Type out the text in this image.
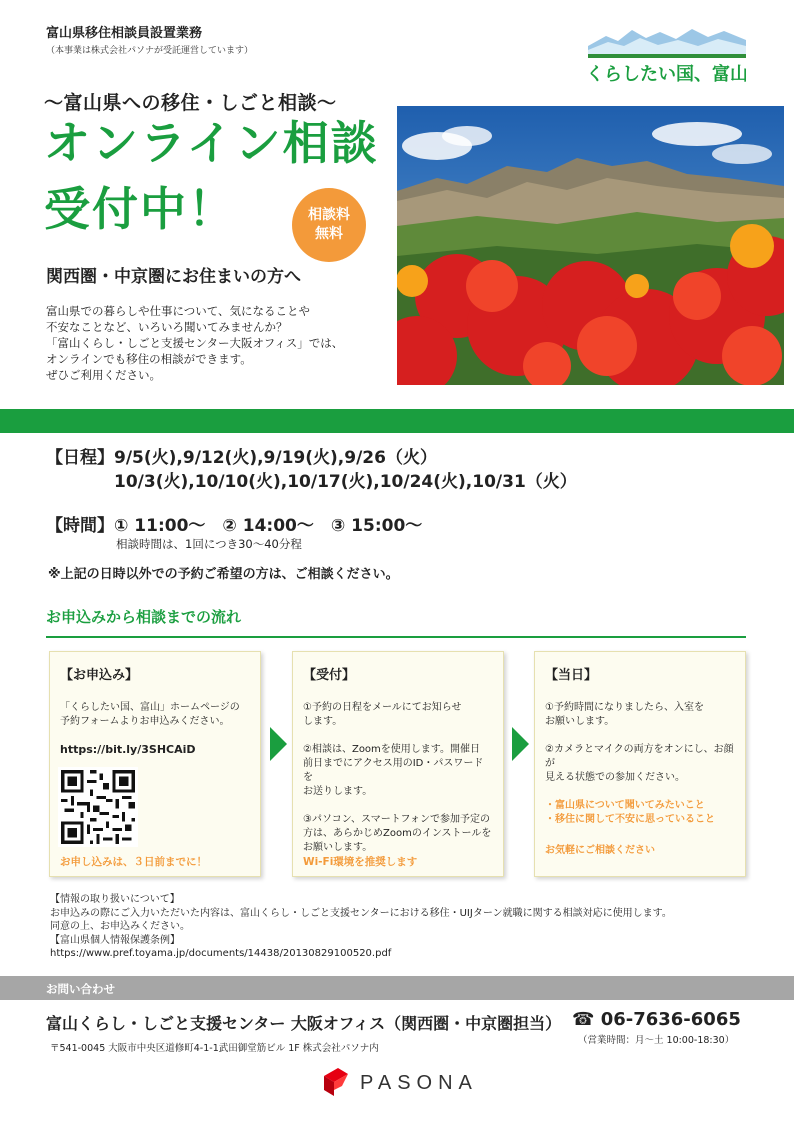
富山県移住相談員設置業務
（本事業は株式会社パソナが受託運営しています）
くらしたい国、富山
～富山県への移住・しごと相談～
オンライン相談
受付中！	相談料
無料
関西圏・中京圏にお住まいの方へ
富山県での暮らしや仕事について、気になることや
不安なことなど、いろいろ聞いてみませんか？
「富山くらし・しごと支援センター大阪オフィス」では、
オンラインでも移住の相談ができます。
ぜひご利用ください。
【日程】 9/5(火),9/12(火),9/19(火),9/26（火）
10/3(火),10/10(火),10/17(火),10/24(火),10/31（火）
【時間】 ① 11:00～　② 14:00～　③ 15:00～
相談時間は、1回につき30～40分程
※上記の日時以外での予約ご希望の方は、ご相談ください。
お申込みから相談までの流れ
【お申込み】
「くらしたい国、富山」ホームページの
予約フォームよりお申込みください。
https://bit.ly/3SHCAiD
お申し込みは、３日前までに！
【受付】

①予約の日程をメールにてお知らせ
します。

②相談は、Zoomを使用します。開催日
前日までにアクセス用のID・パスワードを
お送りします。

③パソコン、スマートフォンで参加予定の
方は、あらかじめZoomのインストールを
お願いします。

Wi-Fi環境を推奨します
【当日】

①予約時間になりましたら、入室を
お願いします。

②カメラとマイクの両方をオンにし、お顔が
見える状態での参加ください。

・富山県について聞いてみたいこと
・移住に関して不安に思っていること
お気軽にご相談ください
【情報の取り扱いについて】
お申込みの際にご入力いただいた内容は、富山くらし・しごと支援センターにおける移住・UIJターン就職に関する相談対応に使用します。
同意の上、お申込みください。
【富山県個人情報保護条例】
https://www.pref.toyama.jp/documents/14438/20130829100520.pdf
お問い合わせ
富山くらし・しごと支援センター 大阪オフィス（関西圏・中京圏担当） ☎ 06-7636-6065
（営業時間：月～土 10:00-18:30）
〒541-0045 大阪市中央区道修町4-1-1武田御堂筋ビル 1F 株式会社パソナ内
PASONA
